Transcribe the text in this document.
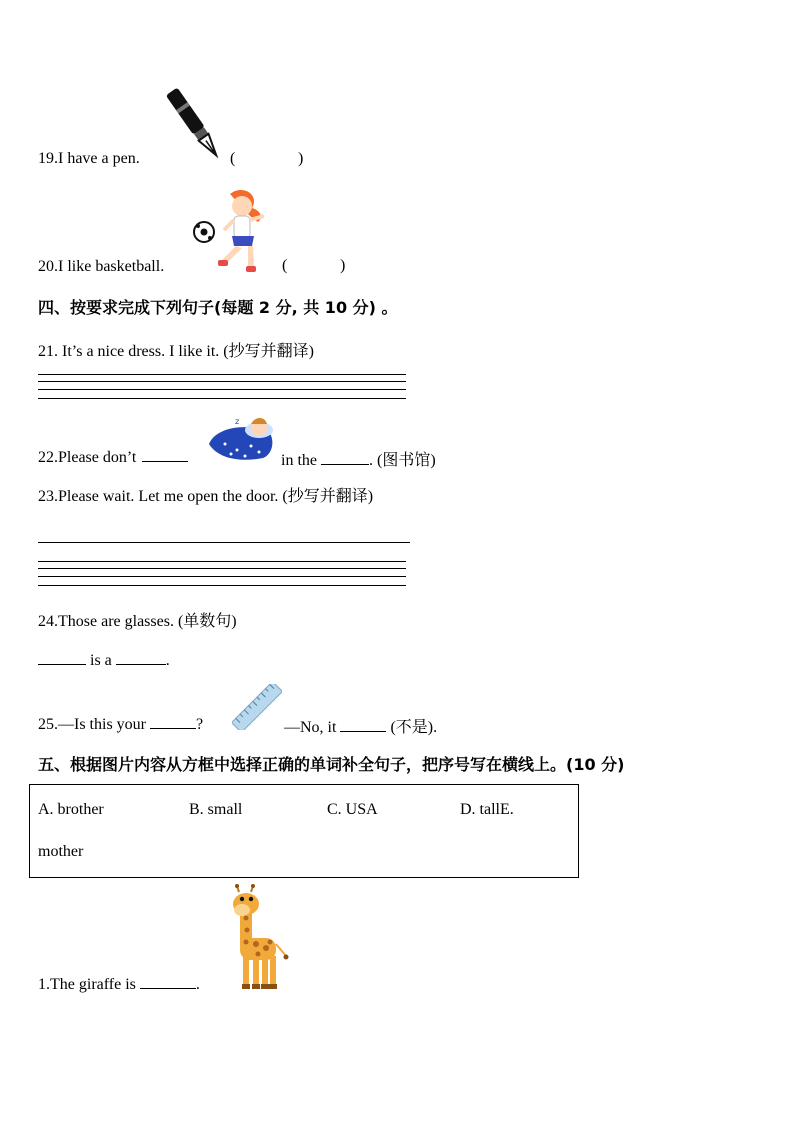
19.I have a pen.	(	)
20.I like basketball.	(	)
四、按要求完成下列句子(每题 2 分, 共 10 分) 。
21. It’s a nice dress. I like it. (抄写并翻译)
z
22.Please don’t	in the	. (图书馆)
23.Please wait. Let me open the door. (抄写并翻译)
24.Those are glasses. (单数句)
is a	.
25.—Is this your	?	—No, it	(不是).
五、根据图片内容从方框中选择正确的单词补全句子，把序号写在横线上。(10 分)
A. brother	B. small	C. USA	D. tallE.
mother
1.The giraffe is	.
